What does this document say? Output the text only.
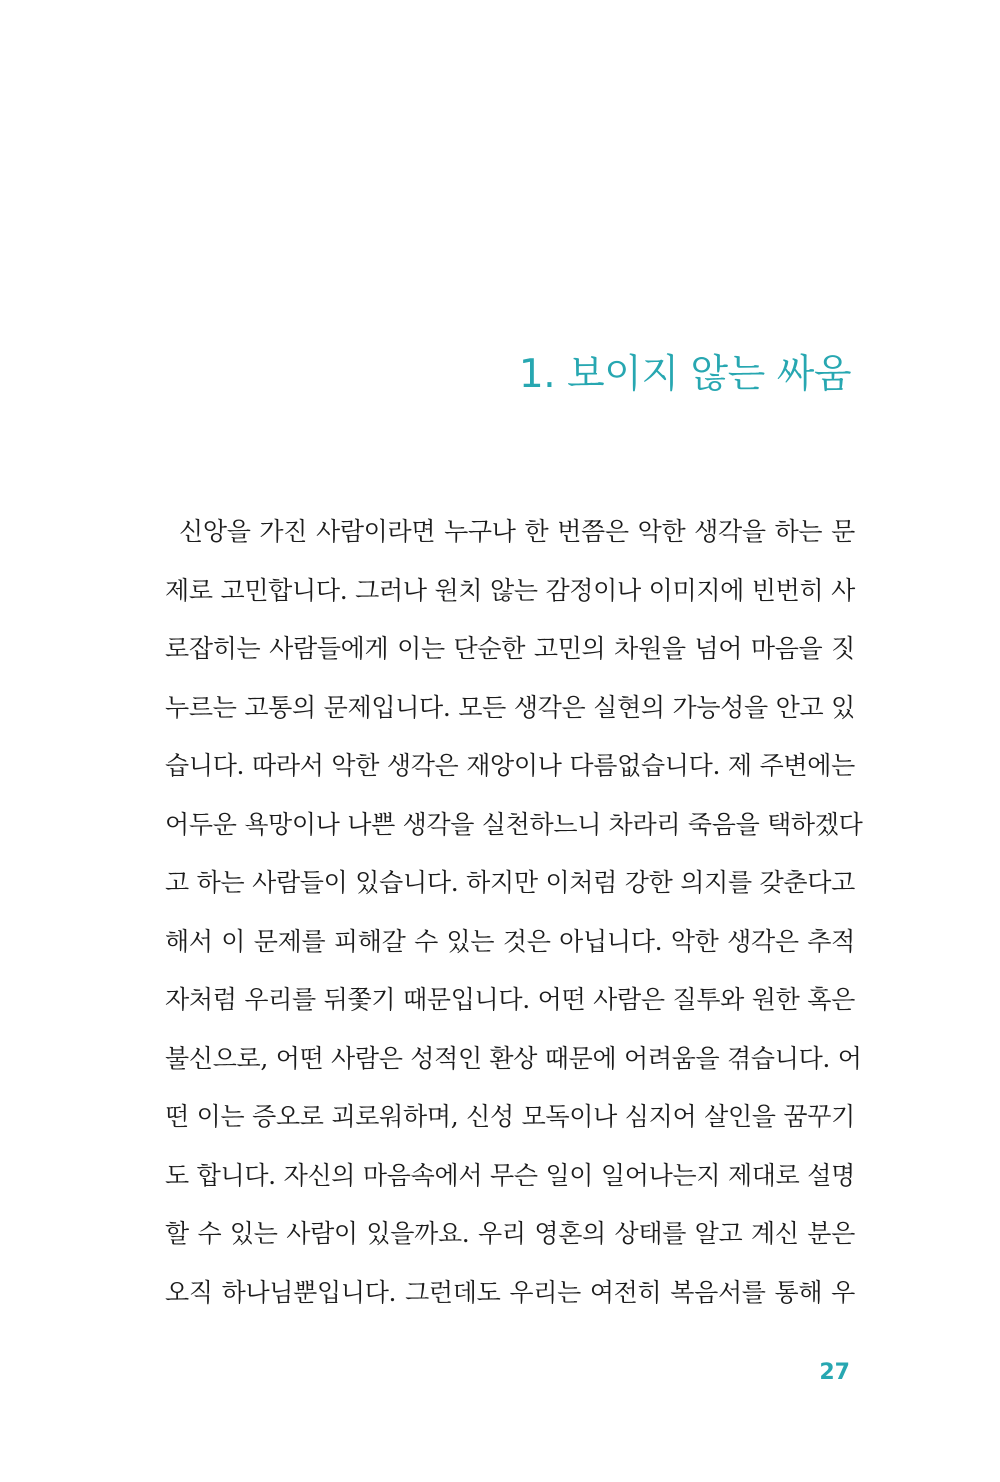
1. 보이지 않는 싸움
신앙을 가진 사람이라면 누구나 한 번쯤은 악한 생각을 하는 문
제로 고민합니다. 그러나 원치 않는 감정이나 이미지에 빈번히 사
로잡히는 사람들에게 이는 단순한 고민의 차원을 넘어 마음을 짓
누르는 고통의 문제입니다. 모든 생각은 실현의 가능성을 안고 있
습니다. 따라서 악한 생각은 재앙이나 다름없습니다. 제 주변에는
어두운 욕망이나 나쁜 생각을 실천하느니 차라리 죽음을 택하겠다
고 하는 사람들이 있습니다. 하지만 이처럼 강한 의지를 갖춘다고
해서 이 문제를 피해갈 수 있는 것은 아닙니다. 악한 생각은 추적
자처럼 우리를 뒤쫓기 때문입니다. 어떤 사람은 질투와 원한 혹은
불신으로, 어떤 사람은 성적인 환상 때문에 어려움을 겪습니다. 어
떤 이는 증오로 괴로워하며, 신성 모독이나 심지어 살인을 꿈꾸기
도 합니다. 자신의 마음속에서 무슨 일이 일어나는지 제대로 설명
할 수 있는 사람이 있을까요. 우리 영혼의 상태를 알고 계신 분은
오직 하나님뿐입니다. 그런데도 우리는 여전히 복음서를 통해 우
27
